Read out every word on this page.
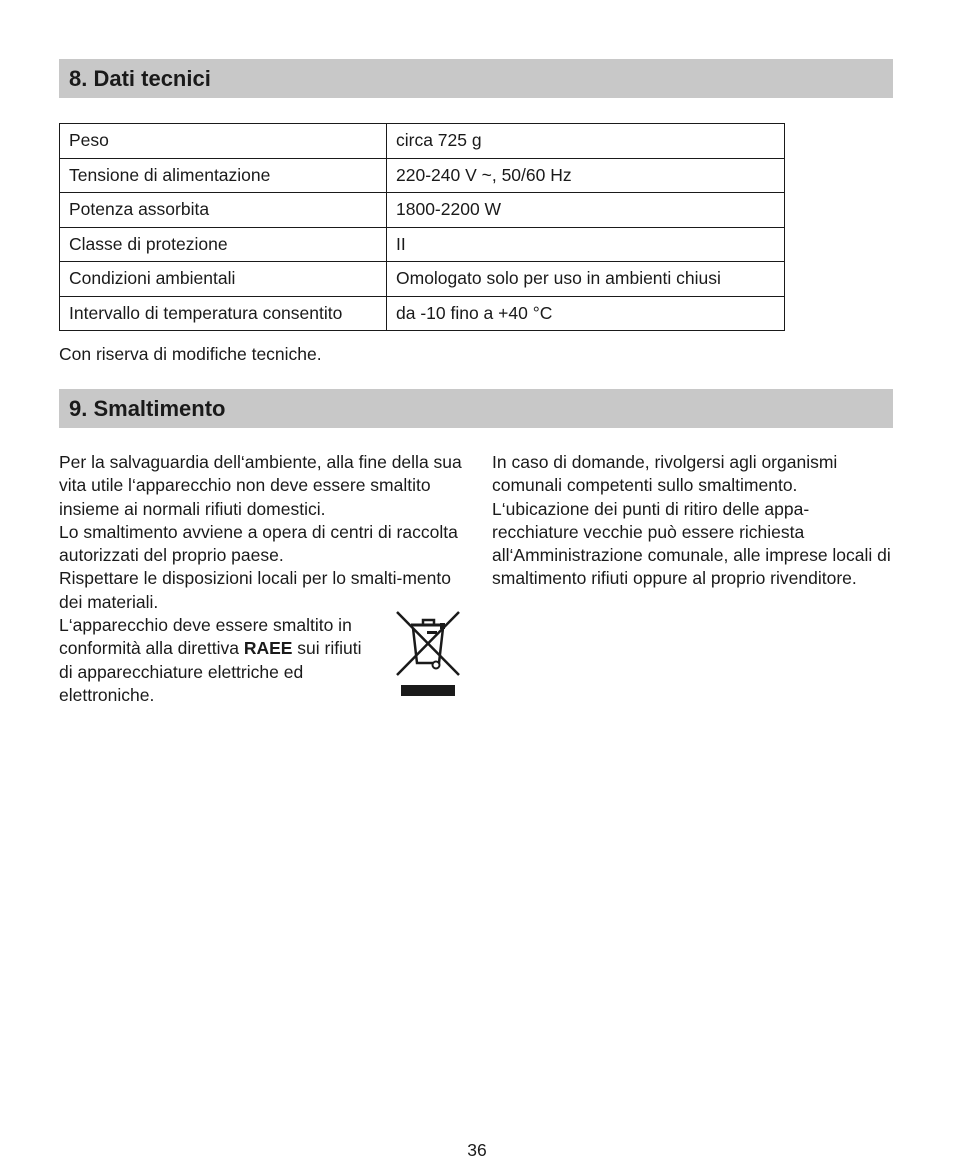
8. Dati tecnici
Peso	circa 725 g
Tensione di alimentazione	220-240 V ~, 50/60 Hz
Potenza assorbita	1800-2200 W
Classe di protezione	II
Condizioni ambientali	Omologato solo per uso in ambienti chiusi
Intervallo di temperatura consentito	da -10 fino a +40 °C
Con riserva di modifiche tecniche.
9. Smaltimento

Per la salvaguardia dell‘ambiente, alla fine della sua vita utile l‘apparecchio non deve essere smaltito insieme ai normali rifiuti domestici.

Lo smaltimento avviene a opera di centri di raccolta autorizzati del proprio paese.

Rispettare le disposizioni locali per lo smalti-mento dei materiali.

L‘apparecchio deve essere smaltito in conformità alla direttiva RAEE sui rifiuti di apparecchiature elettriche ed elettroniche.

In caso di domande, rivolgersi agli organismi comunali competenti sullo smaltimento.

L‘ubicazione dei punti di ritiro delle appa-recchiature vecchie può essere richiesta all‘Amministrazione comunale, alle imprese locali di smaltimento rifiuti oppure al proprio rivenditore.

36
